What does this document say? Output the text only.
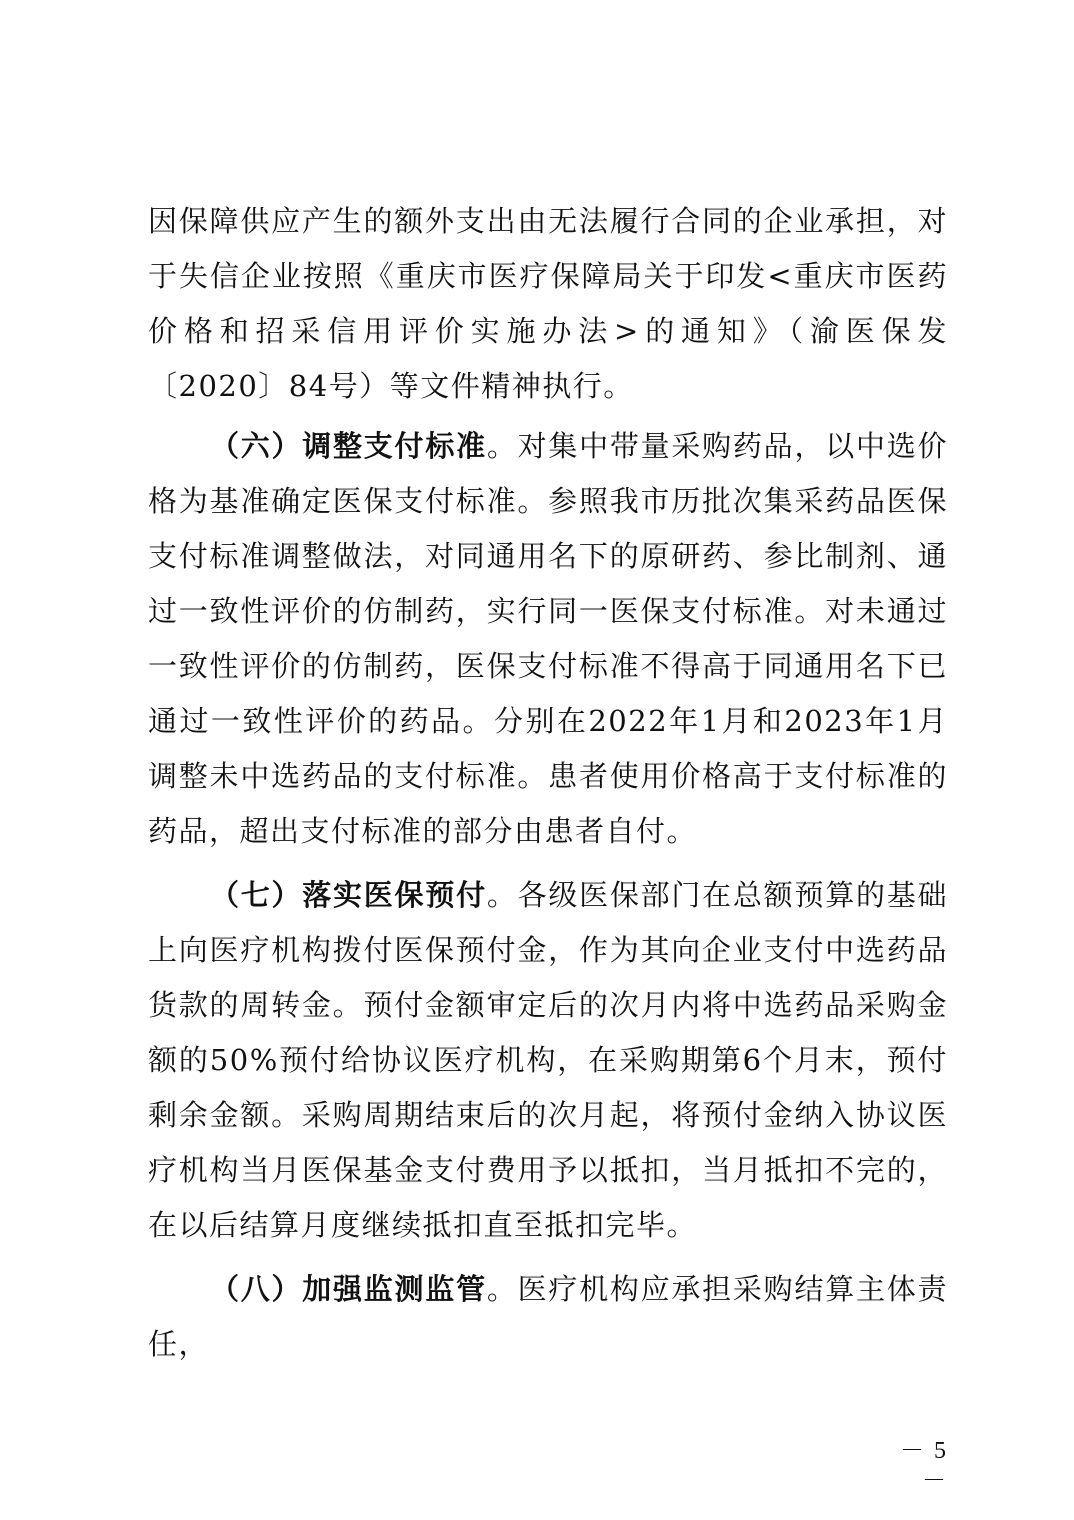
因保障供应产生的额外支出由无法履行合同的企业承担，对于失信企业按照《重庆市医疗保障局关于印发<重庆市医药价格和招采信用评价实施办法>的通知》（渝医保发〔2020〕84号）等文件精神执行。

（六）调整支付标准。对集中带量采购药品，以中选价格为基准确定医保支付标准。参照我市历批次集采药品医保支付标准调整做法，对同通用名下的原研药、参比制剂、通过一致性评价的仿制药，实行同一医保支付标准。对未通过一致性评价的仿制药，医保支付标准不得高于同通用名下已通过一致性评价的药品。分别在2022年1月和2023年1月调整未中选药品的支付标准。患者使用价格高于支付标准的药品，超出支付标准的部分由患者自付。

（七）落实医保预付。各级医保部门在总额预算的基础上向医疗机构拨付医保预付金，作为其向企业支付中选药品货款的周转金。预付金额审定后的次月内将中选药品采购金额的50%预付给协议医疗机构，在采购期第6个月末，预付剩余金额。采购周期结束后的次月起，将预付金纳入协议医疗机构当月医保基金支付费用予以抵扣，当月抵扣不完的，在以后结算月度继续抵扣直至抵扣完毕。

（八）加强监测监管。医疗机构应承担采购结算主体责任，

－ 5 －
